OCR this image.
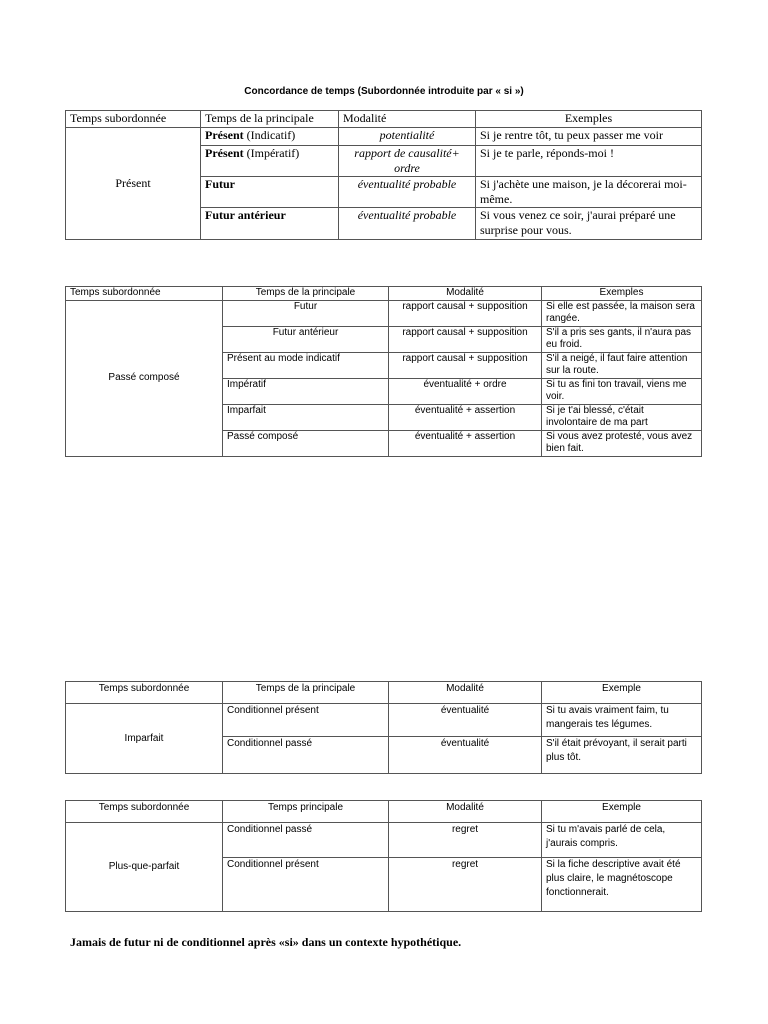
Concordance de temps (Subordonnée introduite par « si »)
Temps subordonnée	Temps de la principale	Modalité	Exemples
Présent	Présent (Indicatif)	potentialité	Si je rentre tôt, tu peux passer me voir
	Présent (Impératif)	rapport de causalité+ ordre	Si je te parle, réponds-moi !
	Futur	éventualité probable	Si j'achète une maison, je la décorerai moi-même.
	Futur antérieur	éventualité probable	Si vous venez ce soir, j'aurai préparé une surprise pour vous.
Temps subordonnée	Temps de la principale	Modalité	Exemples
Passé composé	Futur	rapport causal + supposition	Si elle est passée, la maison sera rangée.
	Futur antérieur	rapport causal + supposition	S'il a pris ses gants, il n'aura pas eu froid.
	Présent au mode indicatif	rapport causal + supposition	S'il a neigé, il faut faire attention sur la route.
	Impératif	éventualité + ordre	Si tu as fini ton travail, viens me voir.
	Imparfait	éventualité + assertion	Si je t'ai blessé, c'était involontaire de ma part
	Passé composé	éventualité + assertion	Si vous avez protesté, vous avez bien fait.
Temps subordonnée	Temps de la principale	Modalité	Exemple
Imparfait	Conditionnel présent	éventualité	Si tu avais vraiment faim, tu mangerais tes légumes.
	Conditionnel passé	éventualité	S'il était prévoyant, il serait parti plus tôt.
Temps subordonnée	Temps principale	Modalité	Exemple
Plus-que-parfait	Conditionnel passé	regret	Si tu m'avais parlé de cela, j'aurais compris.
	Conditionnel présent	regret	Si la fiche descriptive avait été plus claire, le magnétoscope fonctionnerait.
Jamais de futur ni de conditionnel après «si» dans un contexte hypothétique.
